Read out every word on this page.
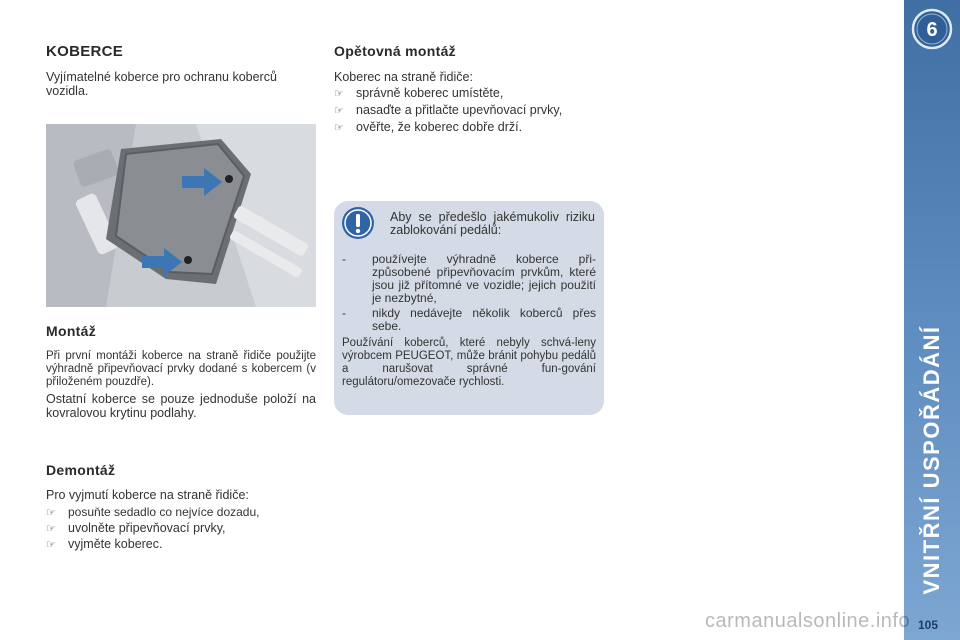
KOBERCE
Vyjímatelné koberce pro ochranu koberců vozidla.
Montáž
Při první montáži koberce na straně řidiče použijte výhradně připevňovací prvky dodané s kobercem (v přiloženém pouzdře).
Ostatní koberce se pouze jednoduše položí na kovralovou krytinu podlahy.
Demontáž
Pro vyjmutí koberce na straně řidiče:
☞ posuňte sedadlo co nejvíce dozadu,
☞ uvolněte připevňovací prvky,
☞ vyjměte koberec.
Opětovná montáž
Koberec na straně řidiče:
☞ správně koberec umístěte,
☞ nasaďte a přitlačte upevňovací prvky,
☞ ověřte, že koberec dobře drží.
Aby se předešlo jakémukoliv riziku zablokování pedálů:
- používejte výhradně koberce při-způsobené připevňovacím prvkům, které jsou již přítomné ve vozidle; jejich použití je nezbytné,
- nikdy nedávejte několik koberců přes sebe.
Používání koberců, které nebyly schvá-leny výrobcem PEUGEOT, může bránit pohybu pedálů a narušovat správné fun-gování regulátoru/omezovače rychlosti.
6
VNITŘNÍ USPOŘÁDÁNÍ
105
carmanualsonline.info
